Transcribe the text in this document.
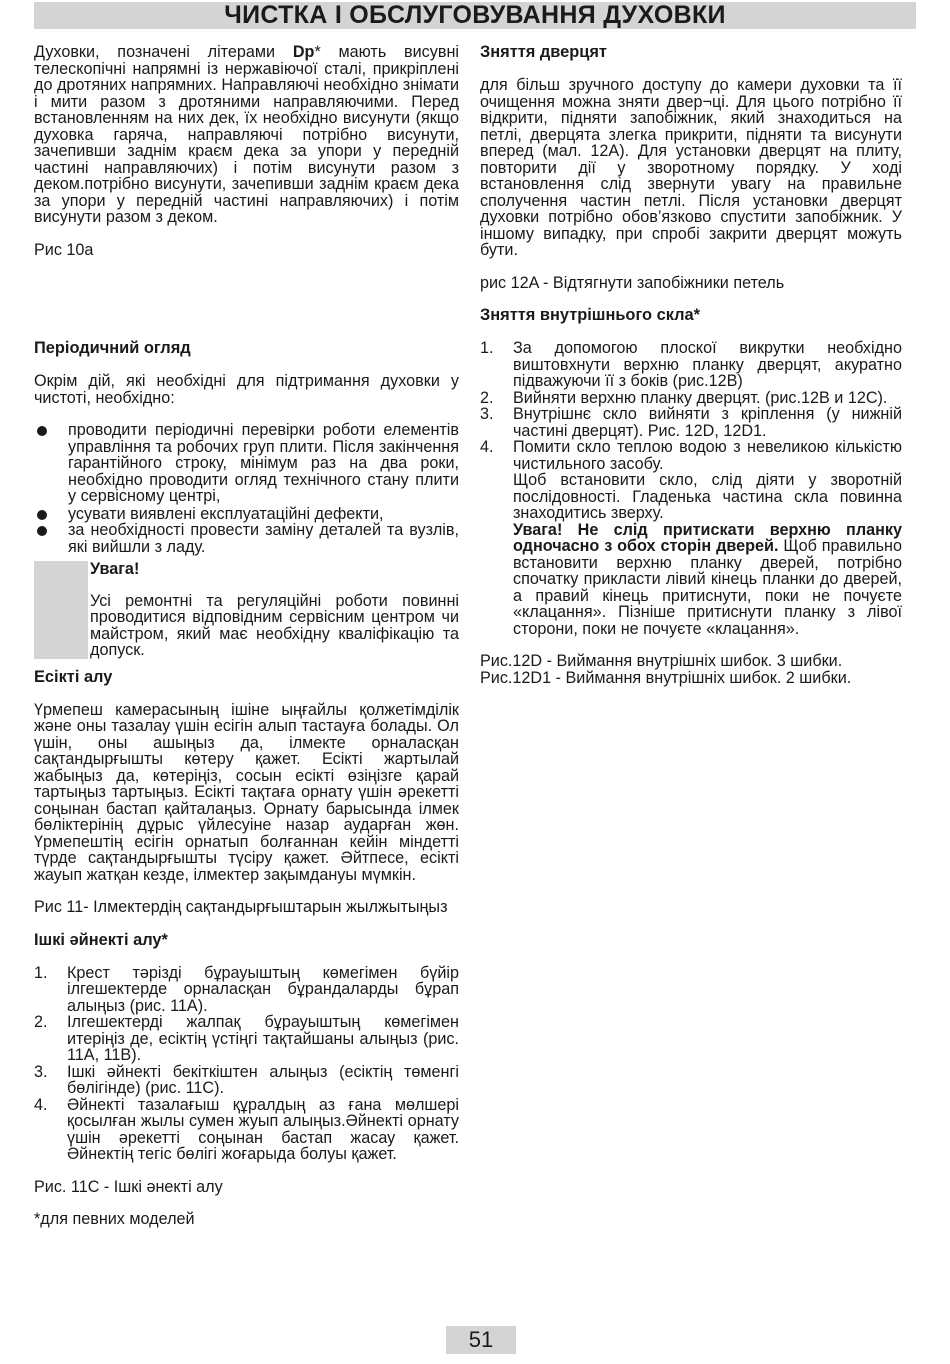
ЧИСТКА І ОБСЛУГОВУВАННЯ ДУХОВКИ

Духовки, позначені літерами Dp* мають висувні телескопічні напрямні із нержавіючої сталі, прикріплені до дротяних напрямних. Направляючі необхідно знімати і мити разом з дротяними направляючими. Перед встановленням на них дек, їх необхідно висунути (якщо духовка гаряча, направляючі потрібно висунути, зачепивши заднім краєм дека за упори у передній частині направляючих) і потім висунути разом з деком.потрібно висунути, зачепивши заднім краєм дека за упори у передній частині направляючих) і потім висунути разом з деком.

Рис 10a

Періодичний огляд

Окрім дій, які необхідні для підтримання духовки у чистоті, необхідно:

проводити періодичні перевірки роботи елементів управління та робочих груп плити. Після закінчення гарантійного строку, мінімум раз на два роки, необхідно проводити огляд технічного стану плити у сервісному центрі,
усувати виявлені експлуатаційні дефекти,
за необхідності провести заміну деталей та вузлів, які вийшли з ладу.

Увага!

Усі ремонтні та регуляційні роботи повинні проводитися відповідним сервісним центром чи майстром, який має необхідну кваліфікацію та допуск.

Есікті алу

Үрмепеш камерасының ішіне ыңғайлы қолжетімділік және оны тазалау үшін есігін алып тастауға болады. Ол үшін, оны ашыңыз да, ілмекте орналасқан сақтандырғышты көтеру қажет. Есікті жартылай жабыңыз да, көтеріңіз, сосын есікті өзіңізге қарай тартыңыз тартыңыз. Есікті тақтаға орнату үшін әрекетті соңынан бастап қайталаңыз. Орнату барысында ілмек бөліктерінің дұрыс үйлесуіне назар аударған жөн. Үрмепештің есігін орнатып болғаннан кейін міндетті түрде сақтандырғышты түсіру қажет. Әйтпесе, есікті жауып жатқан кезде, ілмектер зақымдануы мүмкін.

Рис 11- Ілмектердің сақтандырғыштарын жылжытыңыз

Ішкі әйнекті алу*
1. Крест тәрізді бұрауыштың көмегімен бүйір ілгешектерде орналасқан бұрандаларды бұрап алыңыз (рис. 11A).
2. Ілгешектерді жалпақ бұрауыштың көмегімен итеріңіз де, есіктің үстіңгі тақтайшаны алыңыз (рис. 11A, 11B).
3. Ішкі әйнекті бекіткіштен алыңыз (есіктің төменгі бөлігінде) (рис. 11C).
4. Әйнекті тазалағыш құралдың аз ғана мөлшері қосылған жылы сумен жуып алыңыз.Әйнекті орнату үшін әрекетті соңынан бастап жасау қажет. Әйнектің тегіс бөлігі жоғарыда болуы қажет.

Рис. 11C - Ішкі әнекті алу

*для певних моделей

Зняття дверцят

для більш зручного доступу до камери духовки та її очищення можна зняти двер¬ці. Для цього потрібно її відкрити, підняти запобіжник, який знаходиться на петлі, дверцята злегка прикрити, підняти та висунути вперед (мал. 12A). Для установки дверцят на плиту, повторити дії у зворотному порядку. У ході встановлення слід звернути увагу на правильне сполучення частин петлі. Після установки дверцят духовки потрібно обов’язково спустити запобіжник. У іншому випадку, при спробі закрити дверцят можуть бути.

рис 12A - Відтягнути запобіжники петель

Зняття внутрішнього скла*
1. За допомогою плоскої викрутки необхідно виштовхнути верхню планку дверцят, акуратно підважуючи її з боків (рис.12B)
2. Вийняти верхню планку дверцят. (рис.12B и 12C).
3. Внутрішнє скло вийняти з кріплення (у нижній частині дверцят). Рис. 12D, 12D1.
4. Помити скло теплою водою з невеликою кількістю чистильного засобу.
Щоб встановити скло, слід діяти у зворотній послідовності. Гладенька частина скла повинна знаходитись зверху.
Увага! Не слід притискати верхню планку одночасно з обох сторін дверей. Щоб правильно встановити верхню планку дверей, потрібно спочатку прикласти лівий кінець планки до дверей, а правий кінець притиснути, поки не почуєте «клацання». Пізніше притиснути планку з лівої сторони, поки не почуєте «клацання».

Рис.12D - Виймання внутрішніх шибок. 3 шибки.

Рис.12D1 - Виймання внутрішніх шибок. 2 шибки.

51
